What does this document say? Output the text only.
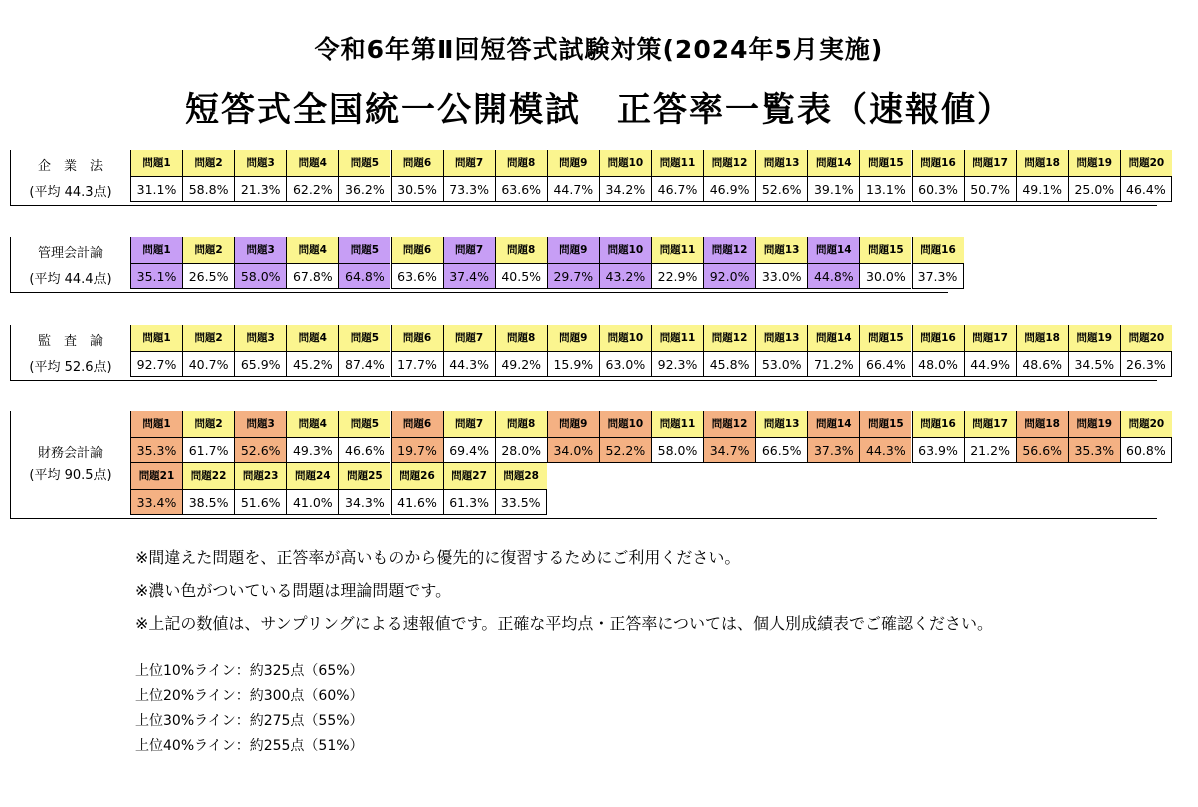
令和6年第Ⅱ回短答式試験対策(2024年5月実施)
短答式全国統一公開模試　正答率一覧表（速報値）
企　業　法
(平均 44.3点)
問題1
31.1%
問題2
58.8%
問題3
21.3%
問題4
62.2%
問題5
36.2%
問題6
30.5%
問題7
73.3%
問題8
63.6%
問題9
44.7%
問題10
34.2%
問題11
46.7%
問題12
46.9%
問題13
52.6%
問題14
39.1%
問題15
13.1%
問題16
60.3%
問題17
50.7%
問題18
49.1%
問題19
25.0%
問題20
46.4%
管理会計論
(平均 44.4点)
問題1
35.1%
問題2
26.5%
問題3
58.0%
問題4
67.8%
問題5
64.8%
問題6
63.6%
問題7
37.4%
問題8
40.5%
問題9
29.7%
問題10
43.2%
問題11
22.9%
問題12
92.0%
問題13
33.0%
問題14
44.8%
問題15
30.0%
問題16
37.3%
監　査　論
(平均 52.6点)
問題1
92.7%
問題2
40.7%
問題3
65.9%
問題4
45.2%
問題5
87.4%
問題6
17.7%
問題7
44.3%
問題8
49.2%
問題9
15.9%
問題10
63.0%
問題11
92.3%
問題12
45.8%
問題13
53.0%
問題14
71.2%
問題15
66.4%
問題16
48.0%
問題17
44.9%
問題18
48.6%
問題19
34.5%
問題20
26.3%
財務会計論
(平均 90.5点)
問題1
35.3%
問題2
61.7%
問題3
52.6%
問題4
49.3%
問題5
46.6%
問題6
19.7%
問題7
69.4%
問題8
28.0%
問題9
34.0%
問題10
52.2%
問題11
58.0%
問題12
34.7%
問題13
66.5%
問題14
37.3%
問題15
44.3%
問題16
63.9%
問題17
21.2%
問題18
56.6%
問題19
35.3%
問題20
60.8%
問題21
33.4%
問題22
38.5%
問題23
51.6%
問題24
41.0%
問題25
34.3%
問題26
41.6%
問題27
61.3%
問題28
33.5%
※間違えた問題を、正答率が高いものから優先的に復習するためにご利用ください。
※濃い色がついている問題は理論問題です。
※上記の数値は、サンプリングによる速報値です。正確な平均点・正答率については、個人別成績表でご確認ください。
上位10%ライン：約325点（65%）
上位20%ライン：約300点（60%）
上位30%ライン：約275点（55%）
上位40%ライン：約255点（51%）
